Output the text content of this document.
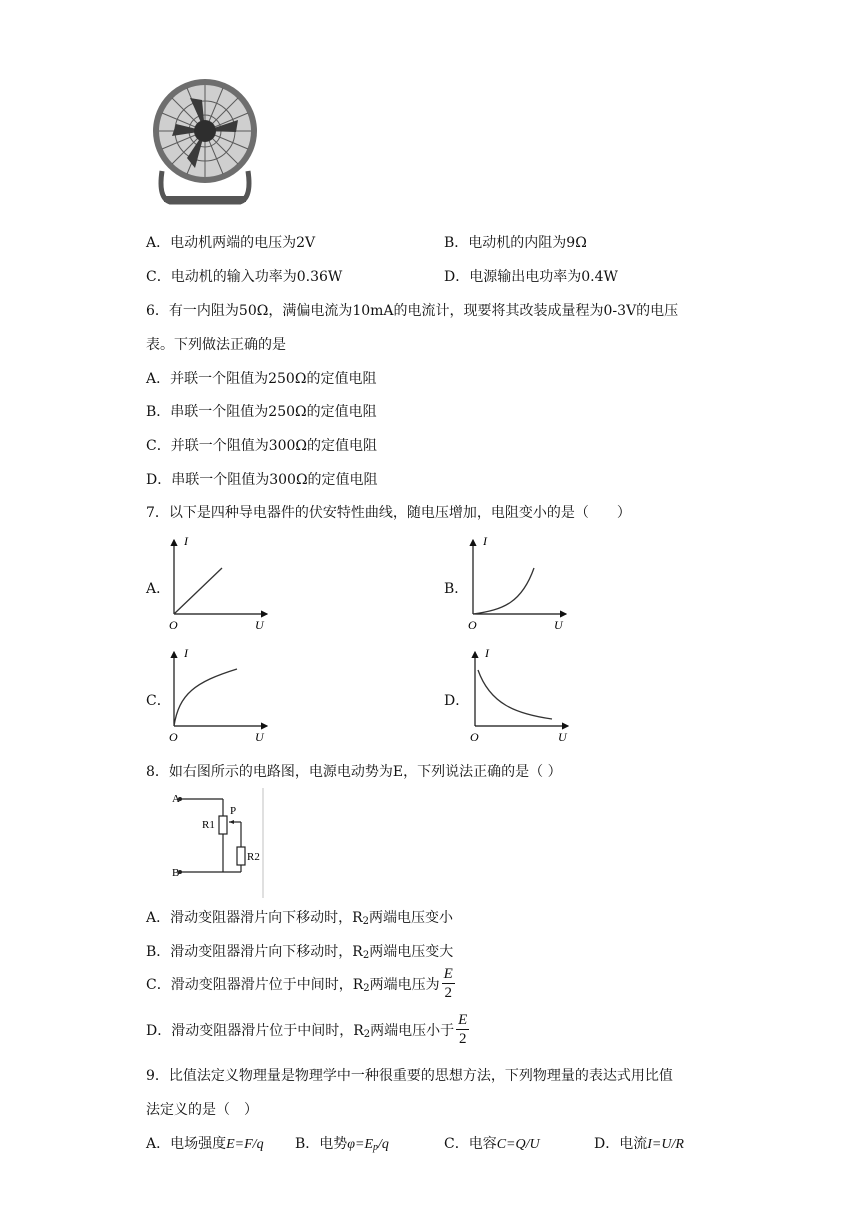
A．电动机两端的电压为2V	B．电动机的内阻为9Ω
C．电动机的输入功率为0.36W	D．电源输出电功率为0.4W
6．有一内阻为50Ω，满偏电流为10mA的电流计，现要将其改装成量程为0-3V的电压
表。下列做法正确的是
A．并联一个阻值为250Ω的定值电阻
B．串联一个阻值为250Ω的定值电阻
C．并联一个阻值为300Ω的定值电阻
D．串联一个阻值为300Ω的定值电阻
7．以下是四种导电器件的伏安特性曲线，随电压增加，电阻变小的是（　　）
A．	B．
C．	D．
I
U
O
I
U
O
I
U
O
I
U
O
8．如右图所示的电路图，电源电动势为E，下列说法正确的是（ ）
A
B
P
R1
R2
A．滑动变阻器滑片向下移动时，$R_2$两端电压变小
B．滑动变阻器滑片向下移动时，$R_2$两端电压变大
C．滑动变阻器滑片位于中间时，$R_2$两端电压为 $\frac{E}{2}$
D．滑动变阻器滑片位于中间时，$R_2$两端电压小于 $\frac{E}{2}$
9．比值法定义物理量是物理学中一种很重要的思想方法，下列物理量的表达式用比值
法定义的是（　）
A．电场强度E=F/q B．电势$\varphi=E_p/q$	C．电容C=Q/U	D．电流I=U/R
